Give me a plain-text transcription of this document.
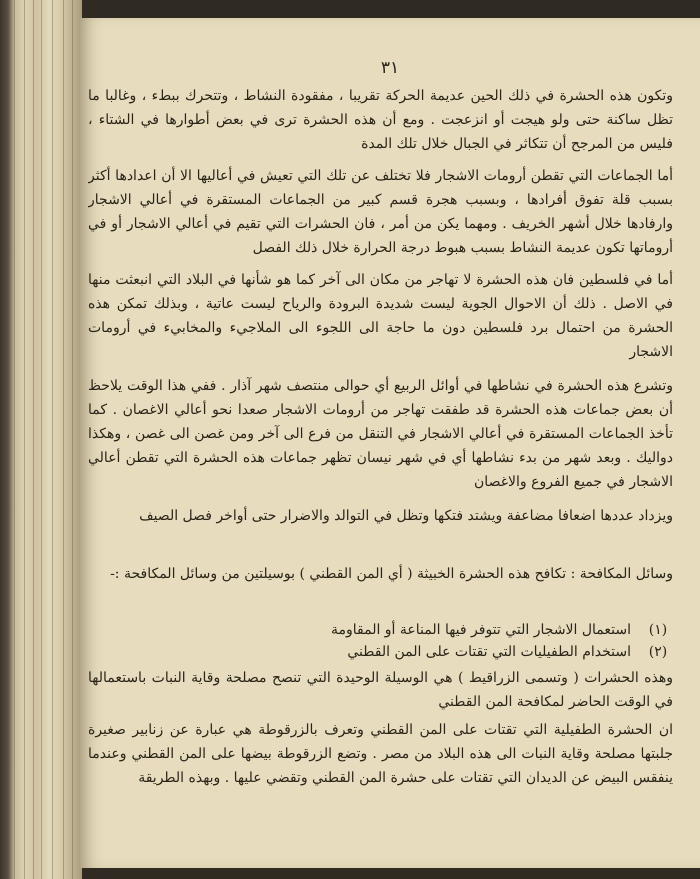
٣١

وتكون هذه الحشرة في ذلك الحين عديمة الحركة تقريبا ، مفقودة النشاط ، وتتحرك ببطء ، وغالبا ما تظل ساكنة حتى ولو هيجت أو انزعجت . ومع أن هذه الحشرة ترى في بعض أطوارها في الشتاء ، فليس من المرجح أن تتكاثر في الجبال خلال تلك المدة

أما الجماعات التي تقطن أرومات الاشجار فلا تختلف عن تلك التي تعيش في أعاليها الا أن اعدادها أكثر بسبب قلة تفوق أفرادها ، وبسبب هجرة قسم كبير من الجماعات المستقرة في أعالي الاشجار وارفادها خلال أشهر الخريف . ومهما يكن من أمر ، فان الحشرات التي تقيم في أعالي الاشجار أو في أروماتها تكون عديمة النشاط بسبب هبوط درجة الحرارة خلال ذلك الفصل

أما في فلسطين فان هذه الحشرة لا تهاجر من مكان الى آخر كما هو شأنها في البلاد التي انبعثت منها في الاصل . ذلك أن الاحوال الجوية ليست شديدة البرودة والرياح ليست عاتية ، وبذلك تمكن هذه الحشرة من احتمال برد فلسطين دون ما حاجة الى اللجوء الى الملاجيء والمخابيء في أرومات الاشجار

وتشرع هذه الحشرة في نشاطها في أوائل الربيع أي حوالى منتصف شهر آذار . ففي هذا الوقت يلاحظ أن بعض جماعات هذه الحشرة قد طفقت تهاجر من أرومات الاشجار صعدا نحو أعالي الاغصان . كما تأخذ الجماعات المستقرة في أعالي الاشجار في التنقل من فرع الى آخر ومن غصن الى غصن ، وهكذا دواليك . وبعد شهر من بدء نشاطها أي في شهر نيسان تظهر جماعات هذه الحشرة التي تقطن أعالي الاشجار في جميع الفروع والاغصان

ويزداد عددها اضعافا مضاعفة ويشتد فتكها وتظل في التوالد والاضرار حتى أواخر فصل الصيف

وسائل المكافحة : تكافح هذه الحشرة الخبيثة ( أي المن القطني ) بوسيلتين من وسائل المكافحة :-

(١)استعمال الاشجار التي تتوفر فيها المناعة أو المقاومة
(٢)استخدام الطفيليات التي تقتات على المن القطني

وهذه الحشرات ( وتسمى الزراقيط ) هي الوسيلة الوحيدة التي تنصح مصلحة وقاية النبات باستعمالها في الوقت الحاضر لمكافحة المن القطني

ان الحشرة الطفيلية التي تقتات على المن القطني وتعرف بالزرقوطة هي عبارة عن زنابير صغيرة جلبتها مصلحة وقاية النبات الى هذه البلاد من مصر . وتضع الزرقوطة بيضها على المن القطني وعندما ينفقس البيض عن الديدان التي تقتات على حشرة المن القطني وتقضي عليها . وبهذه الطريقة
